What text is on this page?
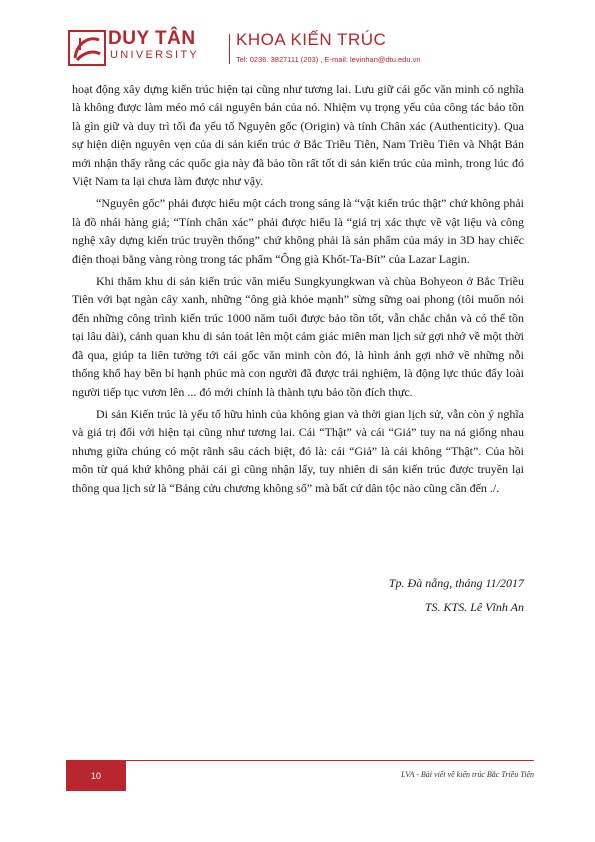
DUY TÂN
UNIVERSITY
KHOA KIẾN TRÚC
Tel: 0236. 3827111 (203) , E-mail: levinhan@dtu.edu.vn

hoạt động xây dựng kiến trúc hiện tại cũng như tương lai. Lưu giữ cái gốc văn minh có nghĩa là không được làm méo mó cái nguyên bản của nó. Nhiệm vụ trọng yếu của công tác bảo tồn là gìn giữ và duy trì tối đa yếu tố Nguyên gốc (Origin) và tính Chân xác (Authenticity). Qua sự hiện diện nguyên vẹn của di sản kiến trúc ở Bắc Triều Tiên, Nam Triều Tiên và Nhật Bản mới nhận thấy rằng các quốc gia này đã bảo tồn rất tốt di sản kiến trúc của mình, trong lúc đó Việt Nam ta lại chưa làm được như vậy.

“Nguyên gốc” phải được hiểu một cách trong sáng là “vật kiến trúc thật” chứ không phải là đồ nhái hàng giả; “Tính chân xác” phải được hiểu là “giá trị xác thực về vật liệu và công nghệ xây dựng kiến trúc truyền thống” chứ không phải là sản phẩm của máy in 3D hay chiếc điện thoại bằng vàng ròng trong tác phẩm “Ông già Khốt-Ta-Bít” của Lazar Lagin.

Khi thăm khu di sản kiến trúc văn miếu Sungkyungkwan và chùa Bohyeon ở Bắc Triều Tiên với bạt ngàn cây xanh, những “ông già khỏe mạnh” sừng sững oai phong (tôi muốn nói đến những công trình kiến trúc 1000 năm tuổi được bảo tồn tốt, vẫn chắc chắn và có thể tồn tại lâu dài), cảnh quan khu di sản toát lên một cảm giác miên man lịch sử gợi nhớ về một thời đã qua, giúp ta liên tưởng tới cái gốc văn minh còn đó, là hình ảnh gợi nhớ về những nỗi thống khổ hay bền bỉ hạnh phúc mà con người đã được trải nghiệm, là động lực thúc đẩy loài người tiếp tục vươn lên ... đó mới chính là thành tựu bảo tồn đích thực.

Di sản Kiến trúc là yếu tố hữu hình của không gian và thời gian lịch sử, vẫn còn ý nghĩa và giá trị đối với hiện tại cũng như tương lai. Cái “Thật” và cái “Giả” tuy na ná giống nhau nhưng giữa chúng có một rãnh sâu cách biệt, đó là: cái “Giả” là cái không “Thật”. Của hồi môn từ quá khứ không phải cái gì cũng nhận lấy, tuy nhiên di sản kiến trúc được truyền lại thông qua lịch sử là “Bảng cửu chương không số” mà bất cứ dân tộc nào cũng cần đến ./.

Tp. Đà nẵng, tháng 11/2017
TS. KTS. Lê Vĩnh An
10	LVA - Bài viết về kiến trúc Bắc Triều Tiên
